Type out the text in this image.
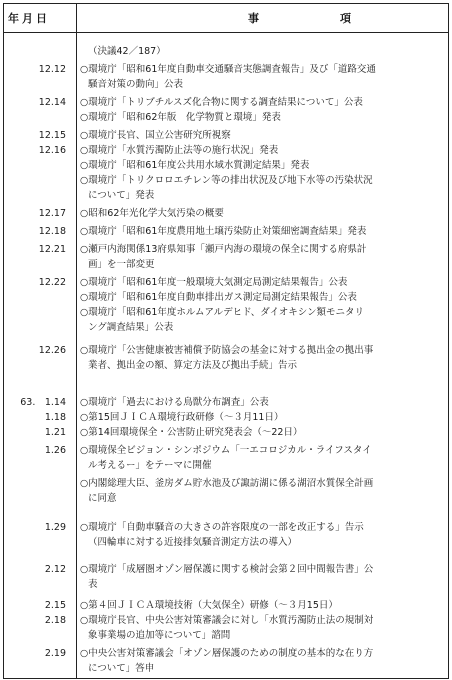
年月日	事	項
（決議42／187）
12.12 ○環境庁「昭和61年度自動車交通騒音実態調査報告」及び「道路交通
騒音対策の動向」公表
12.14 ○環境庁「トリブチルスズ化合物に関する調査結果について」公表
○環境庁「昭和62年版　化学物質と環境」発表
12.15 ○環境庁長官、国立公害研究所視察
12.16 ○環境庁「水質汚濁防止法等の施行状況」発表
○環境庁「昭和61年度公共用水域水質測定結果」発表
○環境庁「トリクロロエチレン等の排出状況及び地下水等の汚染状況
について」発表
12.17 ○昭和62年光化学大気汚染の概要
12.18 ○環境庁「昭和61年度農用地土壌汚染防止対策細密調査結果」発表
12.21 ○瀬戸内海関係13府県知事「瀬戸内海の環境の保全に関する府県計
画」を一部変更
12.22 ○環境庁「昭和61年度一般環境大気測定局測定結果報告」公表
○環境庁「昭和61年度自動車排出ガス測定局測定結果報告」公表
○環境庁「昭和61年度ホルムアルデヒド、ダイオキシン類モニタリ
ング調査結果」公表
12.26 ○環境庁「公害健康被害補償予防協会の基金に対する拠出金の拠出事
業者、拠出金の額、算定方法及び拠出手続」告示
63.　1.14 ○環境庁「過去における鳥獣分布調査」公表
1.18 ○第15回ＪＩＣＡ環境行政研修（～３月11日）
1.21 ○第14回環境保全・公害防止研究発表会（～22日）
1.26 ○環境保全ビジョン・シンポジウム「一エコロジカル・ライフスタイ
ル考えるー」をテーマに開催
○内閣総理大臣、釜房ダム貯水池及び諏訪湖に係る湖沼水質保全計画
に同意
1.29 ○環境庁「自動車騒音の大きさの許容限度の一部を改正する」告示
（四輪車に対する近接排気騒音測定方法の導入）
2.12 ○環境庁「成層圏オゾン層保護に関する検討会第２回中間報告書」公
表
2.15 ○第４回ＪＩＣＡ環境技術（大気保全）研修（～３月15日）
2.18 ○環境庁長官、中央公害対策審議会に対し「水質汚濁防止法の規制対
象事業場の追加等について」諮問
2.19 ○中央公害対策審議会「オゾン層保護のための制度の基本的な在り方
について」答申
